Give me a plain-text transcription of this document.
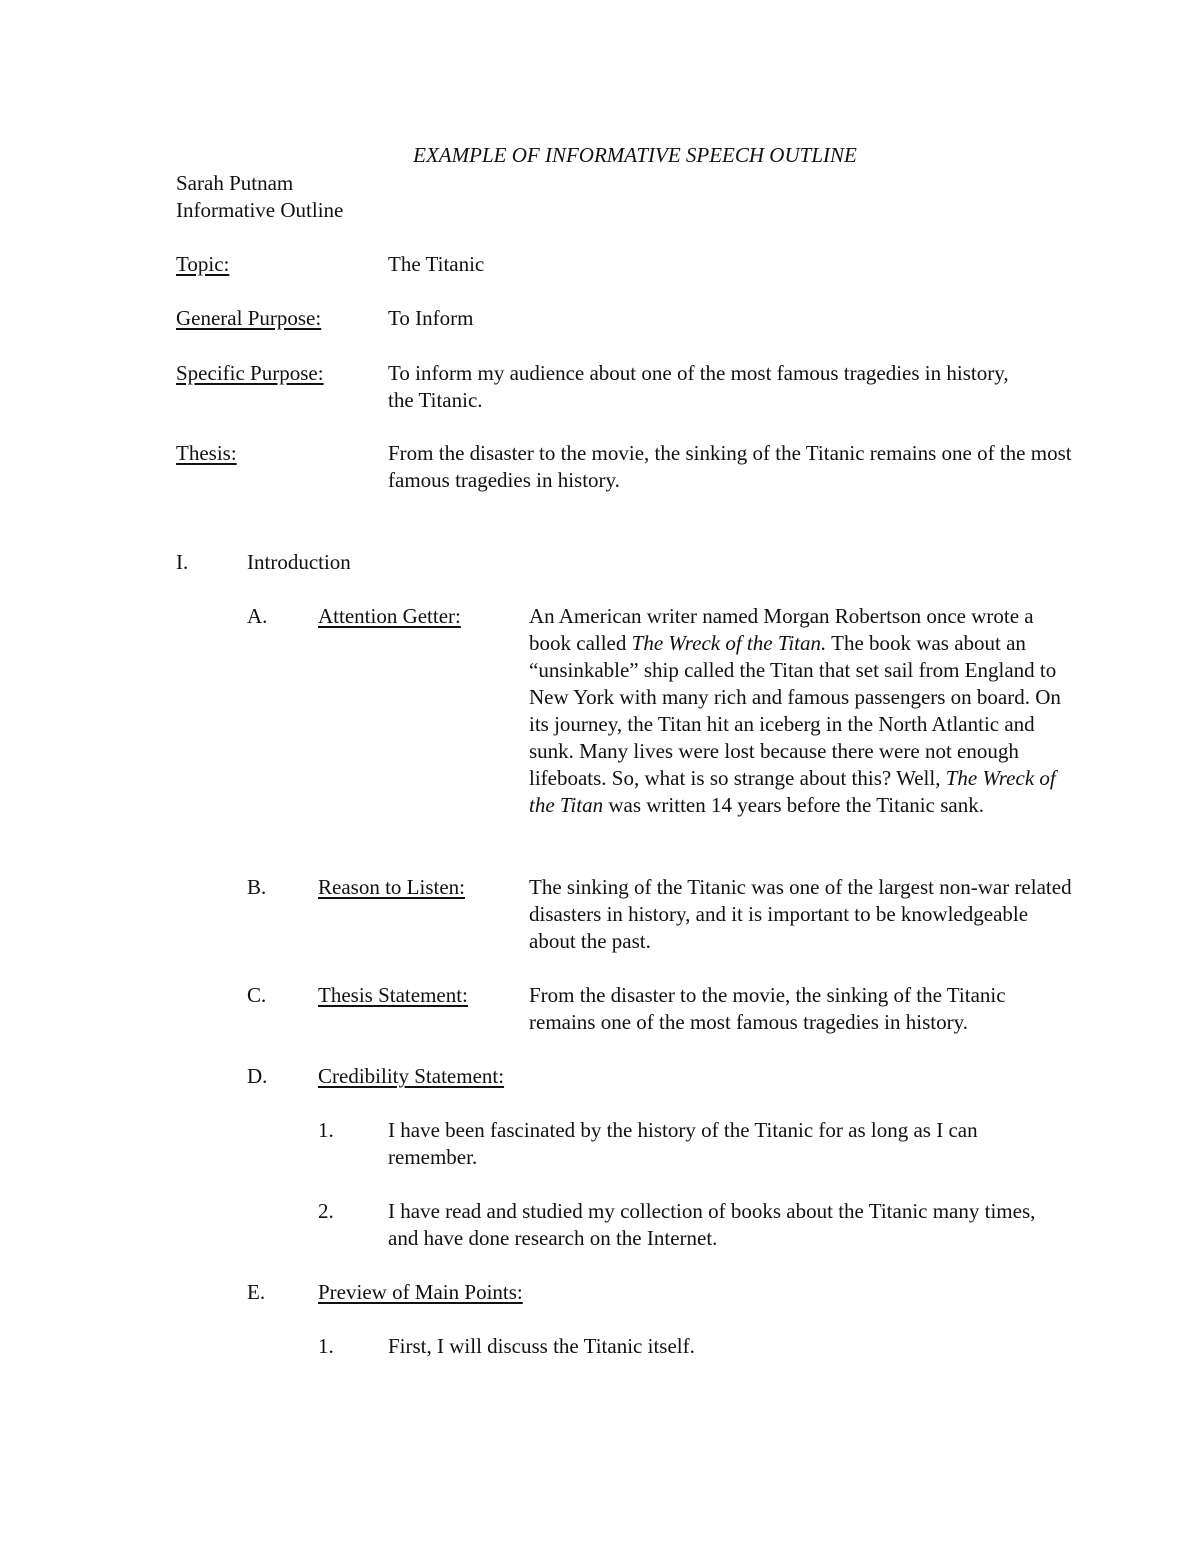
EXAMPLE OF INFORMATIVE SPEECH OUTLINE
Sarah Putnam
Informative Outline
Topic:	The Titanic
General Purpose:	To Inform
Specific Purpose:	To inform my audience about one of the most famous tragedies in history, the Titanic.
Thesis:	From the disaster to the movie, the sinking of the Titanic remains one of the most famous tragedies in history.
I.	Introduction
A. Attention Getter:	An American writer named Morgan Robertson once wrote a book called The Wreck of the Titan. The book was about an “unsinkable” ship called the Titan that set sail from England to New York with many rich and famous passengers on board. On its journey, the Titan hit an iceberg in the North Atlantic and sunk. Many lives were lost because there were not enough lifeboats. So, what is so strange about this? Well, The Wreck of the Titan was written 14 years before the Titanic sank.
B. Reason to Listen:	The sinking of the Titanic was one of the largest non-war related disasters in history, and it is important to be knowledgeable about the past.
C. Thesis Statement:	From the disaster to the movie, the sinking of the Titanic remains one of the most famous tragedies in history.
D. Credibility Statement:
1.	I have been fascinated by the history of the Titanic for as long as I can remember.
2.	I have read and studied my collection of books about the Titanic many times, and have done research on the Internet.
E.	Preview of Main Points:
1.	First, I will discuss the Titanic itself.
